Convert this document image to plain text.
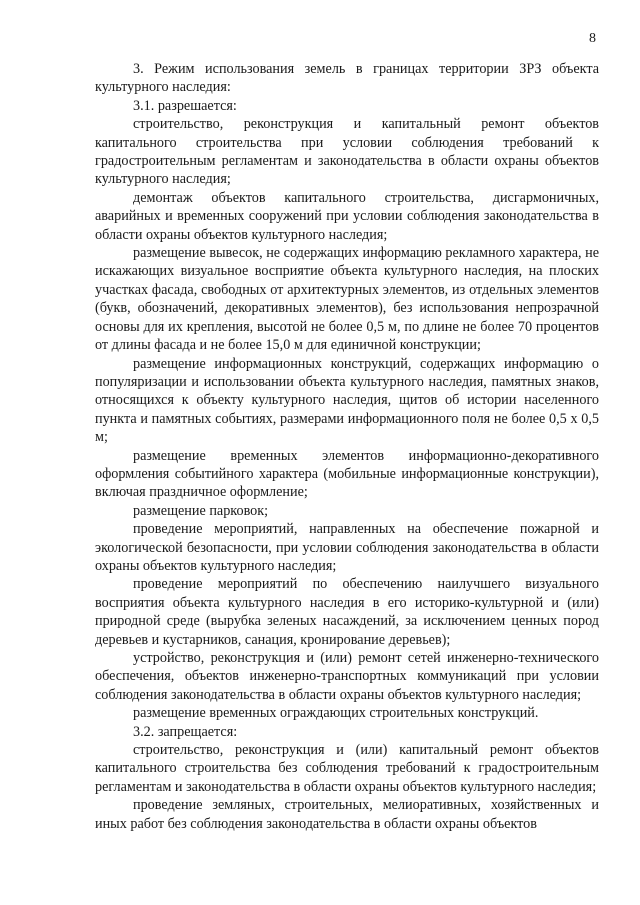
8

3. Режим использования земель в границах территории ЗРЗ объекта культурного наследия:

3.1. разрешается:

строительство, реконструкция и капитальный ремонт объектов капитального строительства при условии соблюдения требований к градостроительным регламентам и законодательства в области охраны объектов культурного наследия;

демонтаж объектов капитального строительства, дисгармоничных, аварийных и временных сооружений при условии соблюдения законодательства в области охраны объектов культурного наследия;

размещение вывесок, не содержащих информацию рекламного характера, не искажающих визуальное восприятие объекта культурного наследия, на плоских участках фасада, свободных от архитектурных элементов, из отдельных элементов (букв, обозначений, декоративных элементов), без использования непрозрачной основы для их крепления, высотой не более 0,5 м, по длине не более 70 процентов от длины фасада и не более 15,0 м для единичной конструкции;

размещение информационных конструкций, содержащих информацию о популяризации и использовании объекта культурного наследия, памятных знаков, относящихся к объекту культурного наследия, щитов об истории населенного пункта и памятных событиях, размерами информационного поля не более 0,5 х 0,5 м;

размещение временных элементов информационно-декоративного оформления событийного характера (мобильные информационные конструкции), включая праздничное оформление;

размещение парковок;

проведение мероприятий, направленных на обеспечение пожарной и экологической безопасности, при условии соблюдения законодательства в области охраны объектов культурного наследия;

проведение мероприятий по обеспечению наилучшего визуального восприятия объекта культурного наследия в его историко-культурной и (или) природной среде (вырубка зеленых насаждений, за исключением ценных пород деревьев и кустарников, санация, кронирование деревьев);

устройство, реконструкция и (или) ремонт сетей инженерно-технического обеспечения, объектов инженерно-транспортных коммуникаций при условии соблюдения законодательства в области охраны объектов культурного наследия;

размещение временных ограждающих строительных конструкций.

3.2. запрещается:

строительство, реконструкция и (или) капитальный ремонт объектов капитального строительства без соблюдения требований к градостроительным регламентам и законодательства в области охраны объектов культурного наследия;

проведение земляных, строительных, мелиоративных, хозяйственных и иных работ без соблюдения законодательства в области охраны объектов
